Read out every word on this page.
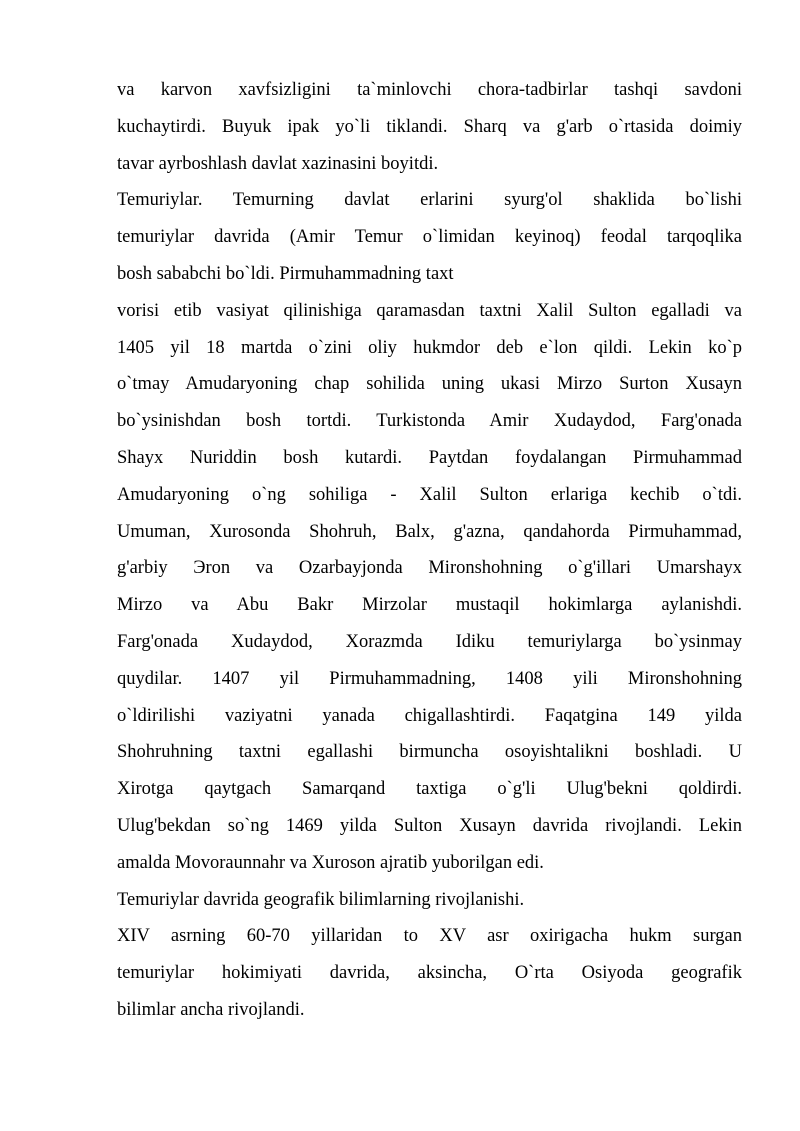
va karvon xavfsizligini ta`minlovchi chora-tadbirlar tashqi savdoni
kuchaytirdi. Buyuk ipak yo`li tiklandi. Sharq va g'arb o`rtasida doimiy
tavar ayrboshlash davlat xazinasini boyitdi.
Temuriylar. Temurning davlat erlarini syurg'ol shaklida bo`lishi
temuriylar davrida (Amir Temur o`limidan keyinoq) feodal tarqoqlika
bosh sababchi bo`ldi. Pirmuhammadning taxt
vorisi etib vasiyat qilinishiga qaramasdan taxtni Xalil Sulton egalladi va
1405 yil 18 martda o`zini oliy hukmdor deb e`lon qildi. Lekin ko`p
o`tmay Amudaryoning chap sohilida uning ukasi Mirzo Surton Xusayn
bo`ysinishdan bosh tortdi. Turkistonda Amir Xudaydod, Farg'onada
Shayx Nuriddin bosh kutardi. Paytdan foydalangan Pirmuhammad
Amudaryoning o`ng sohiliga - Xalil Sulton erlariga kechib o`tdi.
Umuman, Xurosonda Shohruh, Balx, g'azna, qandahorda Pirmuhammad,
g'arbiy Эron va Ozarbayjonda Mironshohning o`g'illari Umarshayx
Mirzo va Abu Bakr Mirzolar mustaqil hokimlarga aylanishdi.
Farg'onada Xudaydod, Xorazmda Idiku temuriylarga bo`ysinmay
quydilar. 1407 yil Pirmuhammadning, 1408 yili Mironshohning
o`ldirilishi vaziyatni yanada chigallashtirdi. Faqatgina 149 yilda
Shohruhning taxtni egallashi birmuncha osoyishtalikni boshladi. U
Xirotga qaytgach Samarqand taxtiga o`g'li Ulug'bekni qoldirdi.
Ulug'bekdan so`ng 1469 yilda Sulton Xusayn davrida rivojlandi. Lekin
amalda Movoraunnahr va Xuroson ajratib yuborilgan edi.
Temuriylar davrida geografik bilimlarning rivojlanishi.
XIV asrning 60-70 yillaridan to XV asr oxirigacha hukm surgan
temuriylar hokimiyati davrida, aksincha, O`rta Osiyoda geografik
bilimlar ancha rivojlandi.
